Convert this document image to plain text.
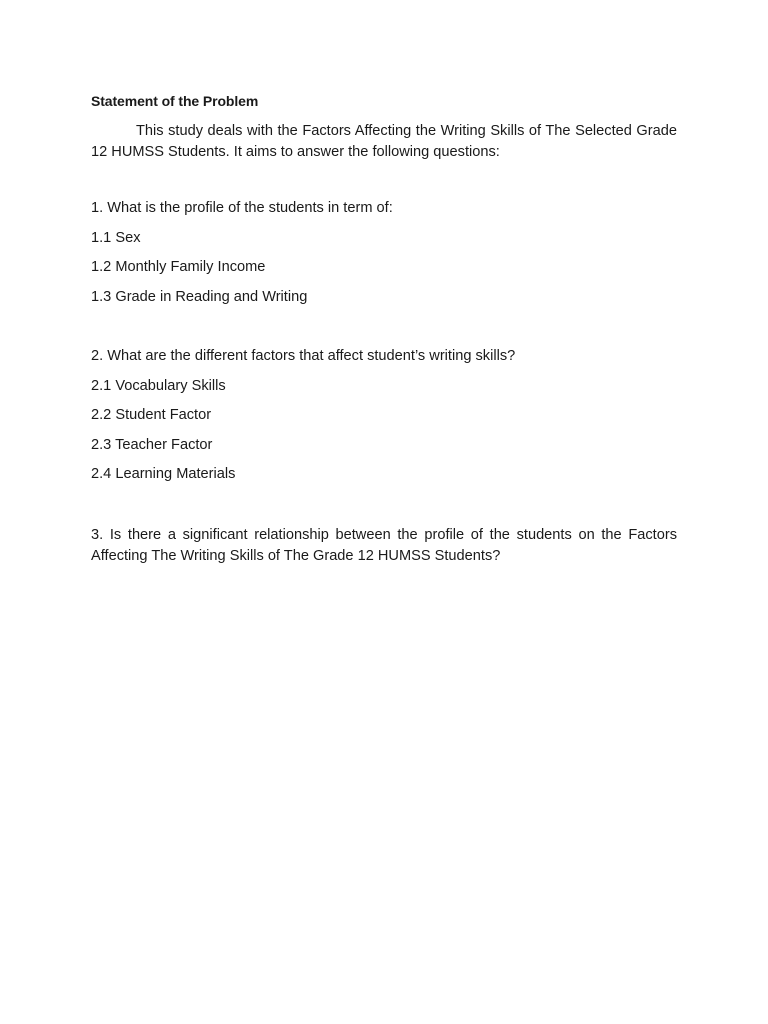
Statement of the Problem
This study deals with the Factors Affecting the Writing Skills of The Selected Grade 12 HUMSS Students. It aims to answer the following questions:
1. What is the profile of the students in term of:
1.1 Sex
1.2 Monthly Family Income
1.3 Grade in Reading and Writing
2. What are the different factors that affect student’s writing skills?
2.1 Vocabulary Skills
2.2 Student Factor
2.3 Teacher Factor
2.4 Learning Materials
3. Is there a significant relationship between the profile of the students on the Factors Affecting The Writing Skills of The Grade 12 HUMSS Students?
